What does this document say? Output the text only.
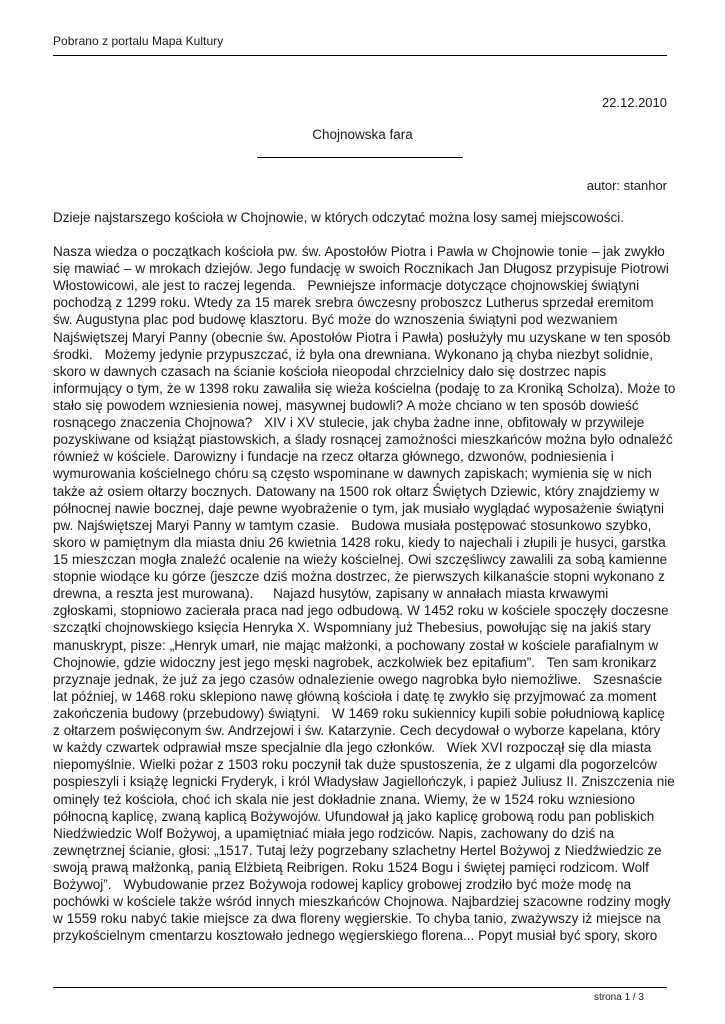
Pobrano z portalu Mapa Kultury
22.12.2010
Chojnowska fara
autor: stanhor
Dzieje najstarszego kościoła w Chojnowie, w których odczytać można losy samej miejscowości.
Nasza wiedza o początkach kościoła pw. św. Apostołów Piotra i Pawła w Chojnowie tonie – jak zwykło
się mawiać – w mrokach dziejów. Jego fundację w swoich Rocznikach Jan Długosz przypisuje Piotrowi
Włostowicowi, ale jest to raczej legenda.   Pewniejsze informacje dotyczące chojnowskiej świątyni
pochodzą z 1299 roku. Wtedy za 15 marek srebra ówczesny proboszcz Lutherus sprzedał eremitom
św. Augustyna plac pod budowę klasztoru. Być może do wznoszenia świątyni pod wezwaniem
Najświętszej Maryi Panny (obecnie św. Apostołów Piotra i Pawła) posłużyły mu uzyskane w ten sposób
środki.   Możemy jedynie przypuszczać, iż była ona drewniana. Wykonano ją chyba niezbyt solidnie,
skoro w dawnych czasach na ścianie kościoła nieopodal chrzcielnicy dało się dostrzec napis
informujący o tym, że w 1398 roku zawaliła się wieża kościelna (podaję to za Kroniką Scholza). Może to
stało się powodem wzniesienia nowej, masywnej budowli? A może chciano w ten sposób dowieść
rosnącego znaczenia Chojnowa?   XIV i XV stulecie, jak chyba żadne inne, obfitowały w przywileje
pozyskiwane od książąt piastowskich, a ślady rosnącej zamożności mieszkańców można było odnaleźć
również w kościele. Darowizny i fundacje na rzecz ołtarza głównego, dzwonów, podniesienia i
wymurowania kościelnego chóru są często wspominane w dawnych zapiskach; wymienia się w nich
także aż osiem ołtarzy bocznych. Datowany na 1500 rok ołtarz Świętych Dziewic, który znajdziemy w
północnej nawie bocznej, daje pewne wyobrażenie o tym, jak musiało wyglądać wyposażenie świątyni
pw. Najświętszej Maryi Panny w tamtym czasie.   Budowa musiała postępować stosunkowo szybko,
skoro w pamiętnym dla miasta dniu 26 kwietnia 1428 roku, kiedy to najechali i złupili je husyci, garstka
15 mieszczan mogła znaleźć ocalenie na wieży kościelnej. Owi szczęśliwcy zawalili za sobą kamienne
stopnie wiodące ku górze (jeszcze dziś można dostrzec, że pierwszych kilkanaście stopni wykonano z
drewna, a reszta jest murowana).     Najazd husytów, zapisany w annałach miasta krwawymi
zgłoskami, stopniowo zacierała praca nad jego odbudową. W 1452 roku w kościele spoczęły doczesne
szczątki chojnowskiego księcia Henryka X. Wspomniany już Thebesius, powołując się na jakiś stary
manuskrypt, pisze: „Henryk umarł, nie mając małżonki, a pochowany został w kościele parafialnym w
Chojnowie, gdzie widoczny jest jego męski nagrobek, aczkolwiek bez epitafium”.   Ten sam kronikarz
przyznaje jednak, że już za jego czasów odnalezienie owego nagrobka było niemożliwe.   Szesnaście
lat później, w 1468 roku sklepiono nawę główną kościoła i datę tę zwykło się przyjmować za moment
zakończenia budowy (przebudowy) świątyni.   W 1469 roku sukiennicy kupili sobie południową kaplicę
z ołtarzem poświęconym św. Andrzejowi i św. Katarzynie. Cech decydował o wyborze kapelana, który
w każdy czwartek odprawiał msze specjalnie dla jego członków.   Wiek XVI rozpoczął się dla miasta
niepomyślnie. Wielki pożar z 1503 roku poczynił tak duże spustoszenia, że z ulgami dla pogorzelców
pospieszyli i książę legnicki Fryderyk, i król Władysław Jagiellończyk, i papież Juliusz II. Zniszczenia nie
ominęły też kościoła, choć ich skala nie jest dokładnie znana. Wiemy, że w 1524 roku wzniesiono
północną kaplicę, zwaną kaplicą Bożywojów. Ufundował ją jako kaplicę grobową rodu pan pobliskich
Niedźwiedzic Wolf Bożywoj, a upamiętniać miała jego rodziców. Napis, zachowany do dziś na
zewnętrznej ścianie, głosi: „1517. Tutaj leży pogrzebany szlachetny Hertel Bożywoj z Niedźwiedzic ze
swoją prawą małżonką, panią Elżbietą Reibrigen. Roku 1524 Bogu i świętej pamięci rodzicom. Wolf
Bożywoj”.   Wybudowanie przez Bożywoja rodowej kaplicy grobowej zrodziło być może modę na
pochówki w kościele także wśród innych mieszkańców Chojnowa. Najbardziej szacowne rodziny mogły
w 1559 roku nabyć takie miejsce za dwa floreny węgierskie. To chyba tanio, zważywszy iż miejsce na
przykościelnym cmentarzu kosztowało jednego węgierskiego florena... Popyt musiał być spory, skoro
strona 1 / 3
